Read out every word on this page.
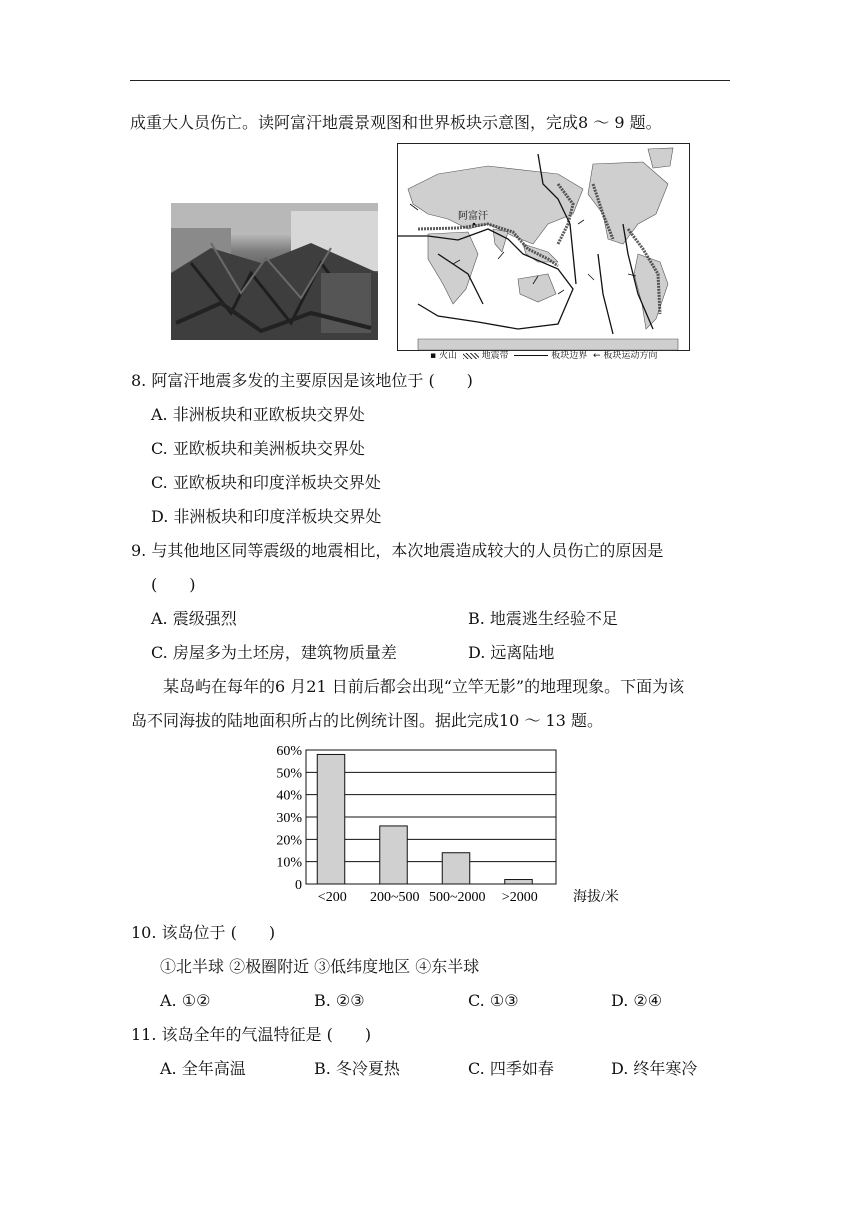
成重大人员伤亡。读阿富汗地震景观图和世界板块示意图，完成8 ～ 9 题。
阿富汗
▪ 火山	地震带	板块边界 ← 板块运动方向
8. 阿富汗地震多发的主要原因是该地位于 (　　)
A. 非洲板块和亚欧板块交界处
C. 亚欧板块和美洲板块交界处
C. 亚欧板块和印度洋板块交界处
D. 非洲板块和印度洋板块交界处
9. 与其他地区同等震级的地震相比，本次地震造成较大的人员伤亡的原因是
(　　)
A. 震级强烈	B. 地震逃生经验不足
C. 房屋多为土坯房，建筑物质量差	D. 远离陆地
某岛屿在每年的6 月21 日前后都会出现“立竿无影”的地理现象。下面为该
岛不同海拔的陆地面积所占的比例统计图。据此完成10 ～ 13 题。
0
10%
20%
30%
40%
50%
60%
<200 200~500 500~2000 >2000	海拔/米
10. 该岛位于 (　　)
①北半球 ②极圈附近 ③低纬度地区 ④东半球
A. ①②	B. ②③	C. ①③	D. ②④
11. 该岛全年的气温特征是 (　　)
A. 全年高温	B. 冬冷夏热	C. 四季如春	D. 终年寒冷
